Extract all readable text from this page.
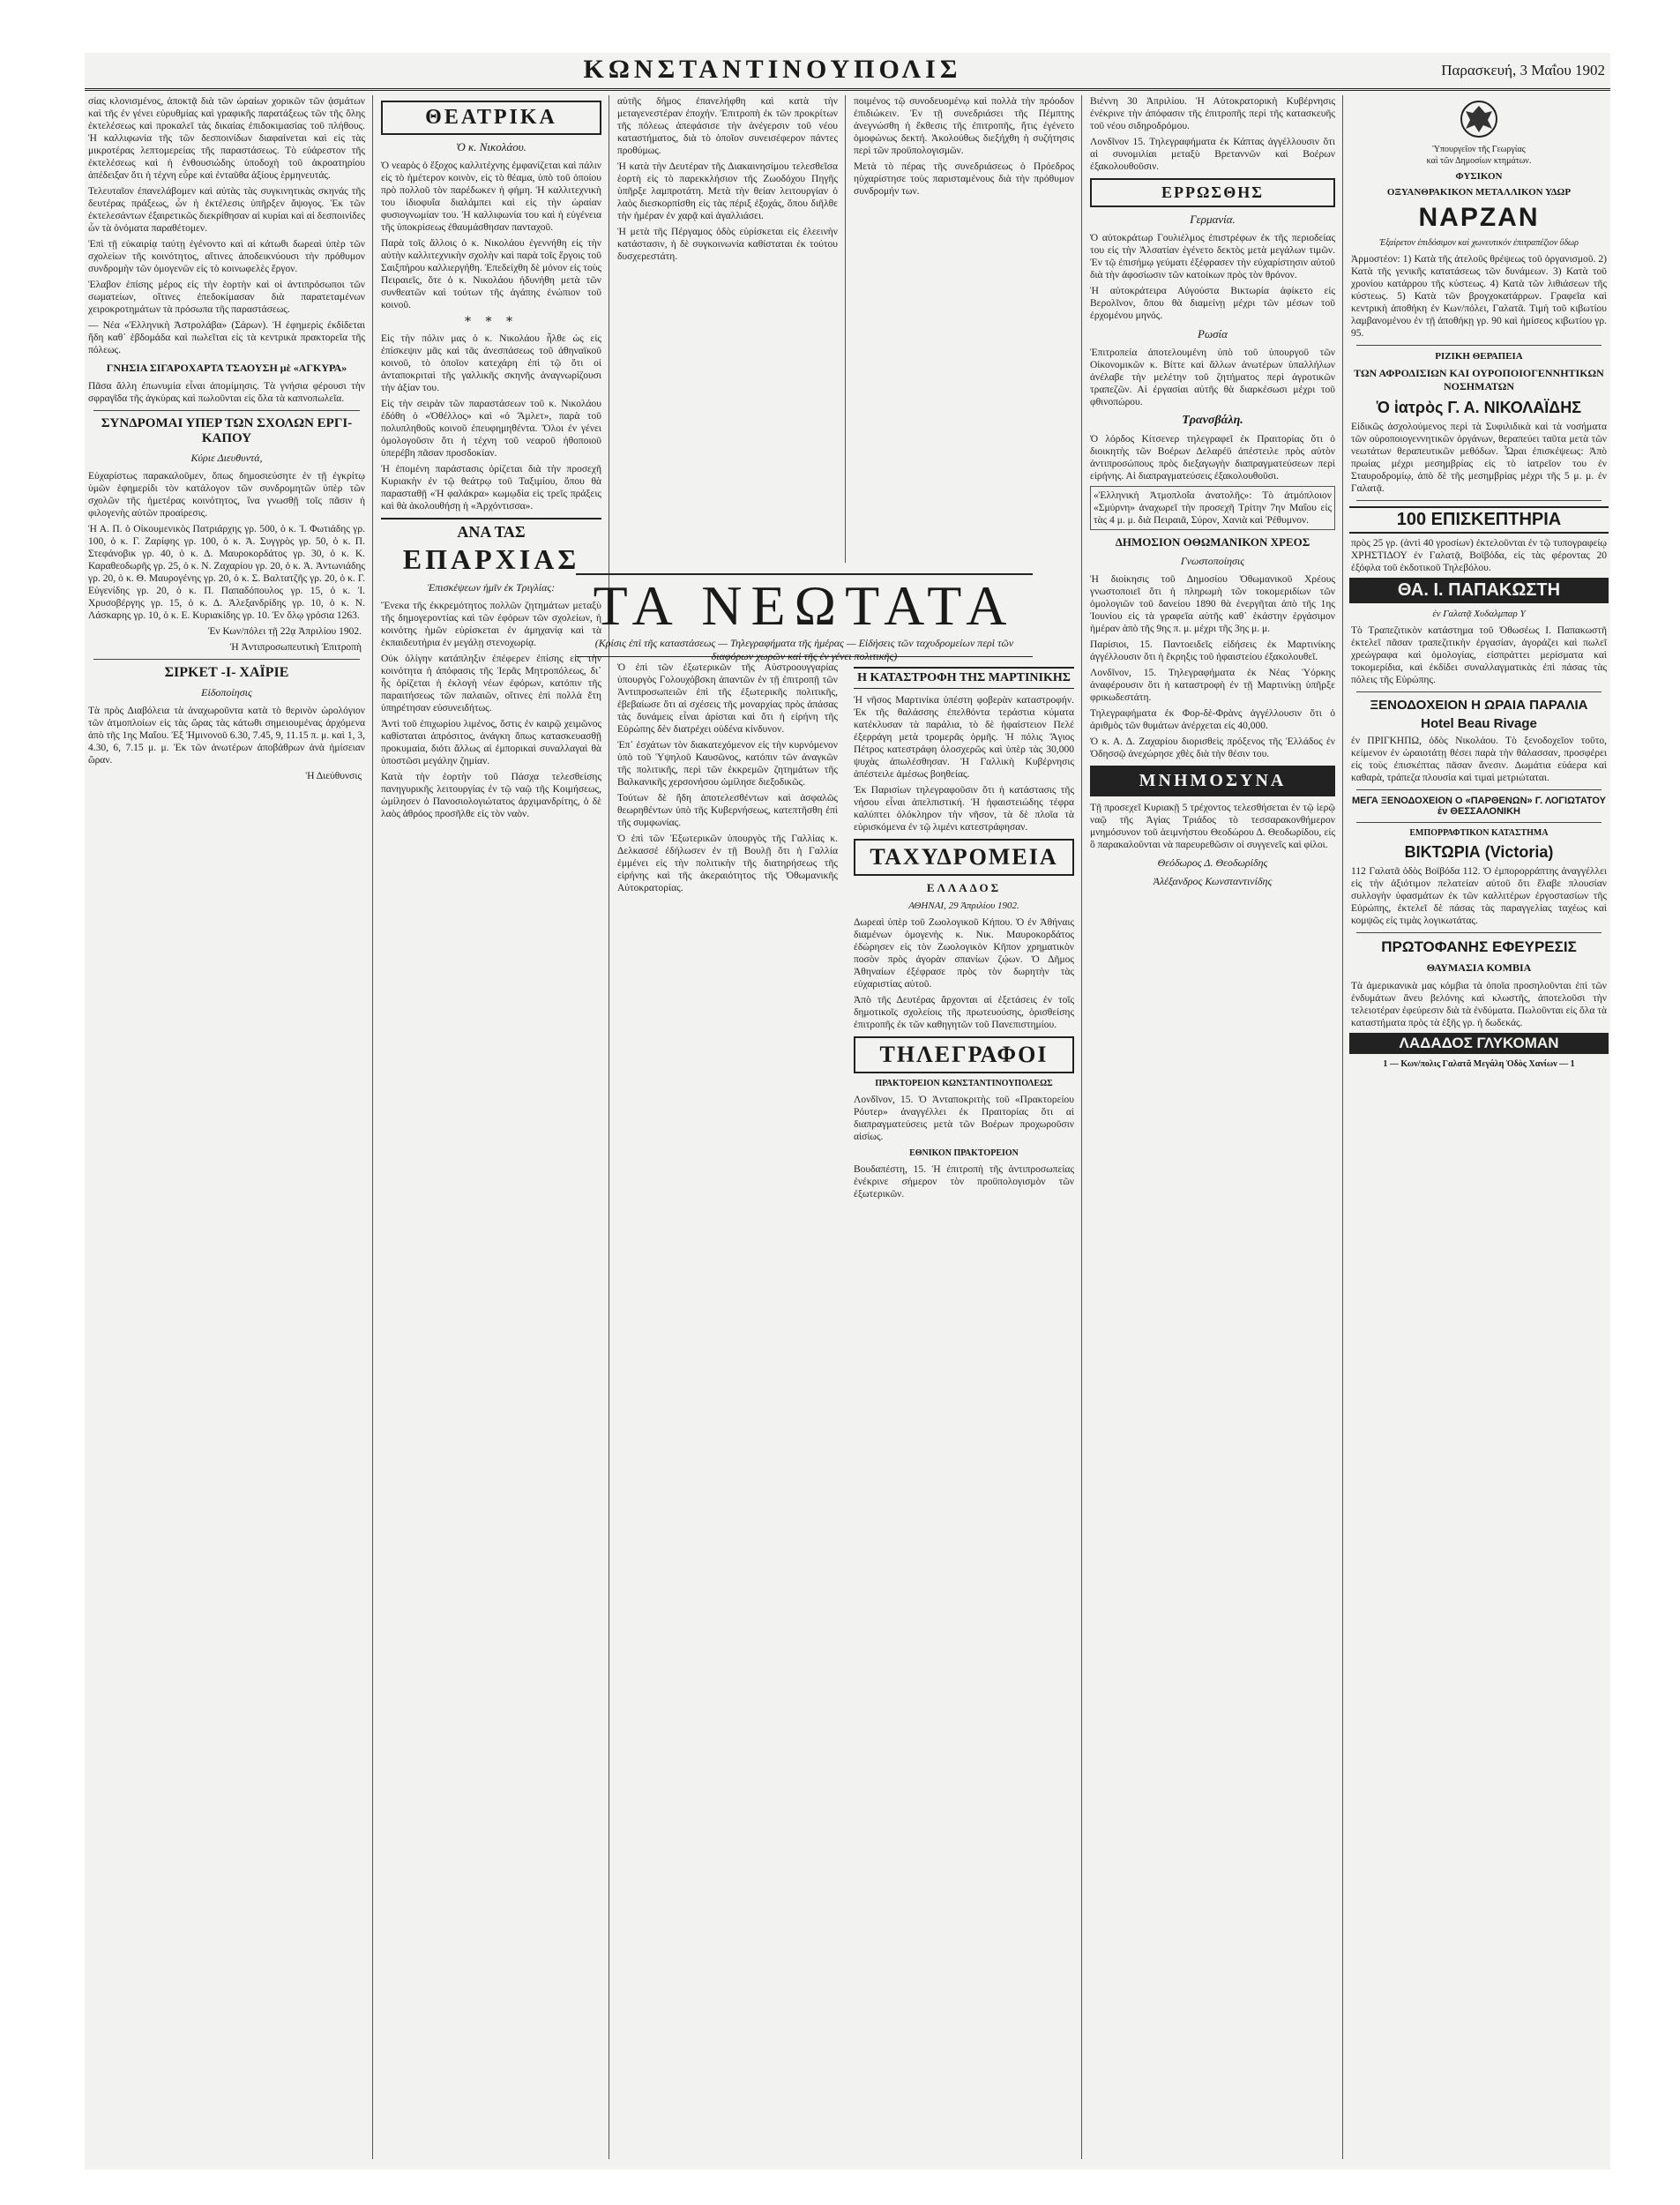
ΚΩΝΣΤΑΝΤΙΝΟΥΠΟΛΙΣ	Παρασκευή, 3 Μαΐου 1902

σίας κλονισμένος, ἀποκτᾷ διὰ τῶν ὡραίων χορικῶν τῶν ᾀσμάτων καὶ τῆς ἐν γένει εὐρυθμίας καὶ γραφικῆς παρατάξεως τῶν τῆς ὅλης ἐκτελέσεως καὶ προκαλεῖ τὰς δικαίας ἐπιδοκιμασίας τοῦ πλήθους. Ἡ καλλιφωνία τῆς τῶν δεσποινίδων διαφαίνεται καὶ εἰς τὰς μικροτέρας λεπτομερείας τῆς παραστάσεως. Τὸ εὐάρεστον τῆς ἐκτελέσεως καὶ ἡ ἐνθουσιώδης ὑποδοχὴ τοῦ ἀκροατηρίου ἀπέδειξαν ὅτι ἡ τέχνη εὗρε καὶ ἐνταῦθα ἀξίους ἑρμηνευτάς.

Τελευταῖον ἐπανελάβομεν καὶ αὐτὰς τὰς συγκινητικὰς σκηνάς τῆς δευτέρας πράξεως, ὧν ἡ ἐκτέλεσις ὑπῆρξεν ἄψογος. Ἐκ τῶν ἐκτελεσάντων ἐξαιρετικῶς διεκρίθησαν αἱ κυρίαι καὶ αἱ δεσποινίδες ὧν τὰ ὀνόματα παραθέτομεν.

Ἐπὶ τῇ εὐκαιρίᾳ ταύτῃ ἐγένοντο καὶ αἱ κάτωθι δωρεαὶ ὑπὲρ τῶν σχολείων τῆς κοινότητος, αἵτινες ἀποδεικνύουσι τὴν πρόθυμον συνδρομὴν τῶν ὁμογενῶν εἰς τὸ κοινωφελὲς ἔργον.

Ἐλαβον ἐπίσης μέρος εἰς τὴν ἑορτὴν καὶ οἱ ἀντιπρόσωποι τῶν σωματείων, οἵτινες ἐπεδοκίμασαν διὰ παρατεταμένων χειροκροτημάτων τὰ πρόσωπα τῆς παραστάσεως.

— Νέα «Ἑλληνικὴ Ἀστρολάβα» (Σάρων). Ἡ ἐφημερὶς ἐκδίδεται ἤδη καθ᾽ ἑβδομάδα καὶ πωλεῖται εἰς τὰ κεντρικὰ πρακτορεῖα τῆς πόλεως.

ΓΝΗΣΙΑ ΣΙΓΑΡΟΧΑΡΤΑ ΤΣΑΟΥΣΗ μὲ «ΑΓΚΥΡΑ»

Πᾶσα ἄλλη ἐπωνυμία εἶναι ἀπομίμησις. Τὰ γνήσια φέρουσι τὴν σφραγῖδα τῆς ἀγκύρας καὶ πωλοῦνται εἰς ὅλα τὰ καπνοπωλεῖα.

ΣΥΝΔΡΟΜΑΙ ΥΠΕΡ ΤΩΝ ΣΧΟΛΩΝ ΕΡΓΙ-ΚΑΠΟΥ
Κύριε Διευθυντά,

Εὐχαρίστως παρακαλοῦμεν, ὅπως δημοσιεύσητε ἐν τῇ ἐγκρίτῳ ὑμῶν ἐφημερίδι τὸν κατάλογον τῶν συνδρομητῶν ὑπὲρ τῶν σχολῶν τῆς ἡμετέρας κοινότητος, ἵνα γνωσθῇ τοῖς πᾶσιν ἡ φιλογενὴς αὐτῶν προαίρεσις.

Ἡ Α. Π. ὁ Οἰκουμενικὸς Πατριάρχης γρ. 500, ὁ κ. Ἰ. Φωτιάδης γρ. 100, ὁ κ. Γ. Ζαρίφης γρ. 100, ὁ κ. Ἀ. Συγγρὸς γρ. 50, ὁ κ. Π. Στεφάνοβικ γρ. 40, ὁ κ. Δ. Μαυροκορδάτος γρ. 30, ὁ κ. Κ. Καραθεοδωρῆς γρ. 25, ὁ κ. Ν. Ζαχαρίου γρ. 20, ὁ κ. Ἀ. Ἀντωνιάδης γρ. 20, ὁ κ. Θ. Μαυρογένης γρ. 20, ὁ κ. Σ. Βαλτατζῆς γρ. 20, ὁ κ. Γ. Εὐγενίδης γρ. 20, ὁ κ. Π. Παπαδόπουλος γρ. 15, ὁ κ. Ἰ. Χρυσοβέργης γρ. 15, ὁ κ. Δ. Ἀλεξανδρίδης γρ. 10, ὁ κ. Ν. Λάσκαρης γρ. 10, ὁ κ. Ε. Κυριακίδης γρ. 10. Ἐν ὅλῳ γρόσια 1263.

Ἐν Κων/πόλει τῇ 22ᾳ Ἀπριλίου 1902.
Ἡ Ἀντιπροσωπευτικὴ Ἐπιτροπὴ
ΣΙΡΚΕΤ -Ι- ΧΑΪΡΙΕ
Εἰδοποίησις

Τὰ πρὸς Διαβόλεια τὰ ἀναχωροῦντα κατὰ τὸ θερινὸν ὡρολόγιον τῶν ἀτμοπλοίων εἰς τὰς ὥρας τὰς κάτωθι σημειουμένας ἀρχόμενα ἀπὸ τῆς 1ης Μαΐου. Ἐξ Ἡμινονοῦ 6.30, 7.45, 9, 11.15 π. μ. καὶ 1, 3, 4.30, 6, 7.15 μ. μ. Ἐκ τῶν ἀνωτέρων ἀποβάθρων ἀνὰ ἡμίσειαν ὥραν.

Ἡ Διεύθυνσις
ΘΕΑΤΡΙΚΑ
Ὁ κ. Νικολάου.

Ὁ νεαρὸς ὁ ἔξοχος καλλιτέχνης ἐμφανίζεται καὶ πάλιν εἰς τὸ ἡμέτερον κοινὸν, εἰς τὸ θέαμα, ὑπὸ τοῦ ὁποίου πρὸ πολλοῦ τὸν παρέδωκεν ἡ φήμη. Ἡ καλλιτεχνικὴ του ἰδιοφυΐα διαλάμπει καὶ εἰς τὴν ὡραίαν φυσιογνωμίαν του. Ἡ καλλιφωνία του καὶ ἡ εὐγένεια τῆς ὑποκρίσεως ἐθαυμάσθησαν πανταχοῦ.

Παρὰ τοῖς ἄλλοις ὁ κ. Νικολάου ἐγεννήθη εἰς τὴν αὐτὴν καλλιτεχνικὴν σχολὴν καὶ παρὰ τοῖς ἔργοις τοῦ Σαιξπήρου καλλιεργήθη. Ἐπεδείχθη δὲ μόνον εἰς τοὺς Πειραιεῖς, ὅτε ὁ κ. Νικολάου ἠδυνήθη μετὰ τῶν συνθεατῶν καὶ τούτων τῆς ἀγάπης ἐνώπιον τοῦ κοινοῦ.

* * *

Εἰς τὴν πόλιν μας ὁ κ. Νικολάου ἦλθε ὡς εἰς ἐπίσκεψιν μᾶς καὶ τᾶς ἀνεσπάσεως τοῦ ἀθηναϊκοῦ κοινοῦ, τὸ ὁποῖον κατεχάρη ἐπὶ τῷ ὅτι οἱ ἀνταποκριταὶ τῆς γαλλικῆς σκηνῆς ἀναγνωρίζουσι τὴν ἀξίαν του.

Εἰς τὴν σειρὰν τῶν παραστάσεων τοῦ κ. Νικολάου ἐδόθη ὁ «Ὀθέλλος» καὶ «ὁ Ἄμλετ», παρὰ τοῦ πολυπληθοῦς κοινοῦ ἐπευφημηθέντα. Ὅλοι ἐν γένει ὁμολογοῦσιν ὅτι ἡ τέχνη τοῦ νεαροῦ ἠθοποιοῦ ὑπερέβη πᾶσαν προσδοκίαν.

Ἡ ἐπομένη παράστασις ὁρίζεται διὰ τὴν προσεχῆ Κυριακὴν ἐν τῷ θεάτρῳ τοῦ Ταξιμίου, ὅπου θὰ παρασταθῇ «Ἡ φαλάκρα» κωμῳδία εἰς τρεῖς πράξεις καὶ θὰ ἀκολουθήσῃ ἡ «Ἀρχόντισσα».

ΑΝΑ ΤΑΣ
ΕΠΑΡΧΙΑΣ
Ἐπισκέψεων ἡμῖν ἐκ Τριγλίας:

Ἕνεκα τῆς ἐκκρεμότητος πολλῶν ζητημάτων μεταξὺ τῆς δημογεροντίας καὶ τῶν ἐφόρων τῶν σχολείων, ἡ κοινότης ἡμῶν εὑρίσκεται ἐν ἀμηχανίᾳ καὶ τὰ ἐκπαιδευτήρια ἐν μεγάλῃ στενοχωρίᾳ.

Οὐκ ὀλίγην κατάπληξιν ἐπέφερεν ἐπίσης εἰς τὴν κοινότητα ἡ ἀπόφασις τῆς Ἱερᾶς Μητροπόλεως, δι᾽ ἧς ὁρίζεται ἡ ἐκλογὴ νέων ἐφόρων, κατόπιν τῆς παραιτήσεως τῶν παλαιῶν, οἵτινες ἐπὶ πολλὰ ἔτη ὑπηρέτησαν εὐσυνειδήτως.

Ἀντὶ τοῦ ἐπιχωρίου λιμένος, ὅστις ἐν καιρῷ χειμῶνος καθίσταται ἀπρόσιτος, ἀνάγκη ὅπως κατασκευασθῇ προκυμαία, διότι ἄλλως αἱ ἐμπορικαὶ συναλλαγαὶ θὰ ὑποστῶσι μεγάλην ζημίαν.

Κατὰ τὴν ἑορτὴν τοῦ Πάσχα τελεσθείσης πανηγυρικῆς λειτουργίας ἐν τῷ ναῷ τῆς Κοιμήσεως, ὡμίλησεν ὁ Πανοσιολογιώτατος ἀρχιμανδρίτης, ὁ δὲ λαὸς ἀθρόος προσῆλθε εἰς τὸν ναὸν.

αὐτῆς δήμος ἐπανελήφθη καὶ κατὰ τὴν μεταγενεστέραν ἐποχήν. Ἐπιτροπὴ ἐκ τῶν προκρίτων τῆς πόλεως ἀπεφάσισε τὴν ἀνέγερσιν τοῦ νέου καταστήματος, διὰ τὸ ὁποῖον συνεισέφερον πάντες προθύμως.

Ἡ κατὰ τὴν Δευτέραν τῆς Διακαινησίμου τελεσθεῖσα ἑορτὴ εἰς τὸ παρεκκλήσιον τῆς Ζωοδόχου Πηγῆς ὑπῆρξε λαμπροτάτη. Μετὰ τὴν θείαν λειτουργίαν ὁ λαὸς διεσκορπίσθη εἰς τὰς πέριξ ἐξοχάς, ὅπου διῆλθε τὴν ἡμέραν ἐν χαρᾷ καὶ ἀγαλλιάσει.

Ἡ μετὰ τῆς Πέργαμος ὁδὸς εὑρίσκεται εἰς ἐλεεινὴν κατάστασιν, ἡ δὲ συγκοινωνία καθίσταται ἐκ τούτου δυσχερεστάτη.

ποιμένος τῷ συνοδευομένῳ καὶ πολλὰ τὴν πρόοδον ἐπιδιώκειν. Ἐν τῇ συνεδριάσει τῆς Πέμπτης ἀνεγνώσθη ἡ ἔκθεσις τῆς ἐπιτροπῆς, ἥτις ἐγένετο ὁμοφώνως δεκτή. Ἀκολούθως διεξήχθη ἡ συζήτησις περὶ τῶν προϋπολογισμῶν.

Μετὰ τὸ πέρας τῆς συνεδριάσεως ὁ Πρόεδρος ηὐχαρίστησε τοὺς παρισταμένους διὰ τὴν πρόθυμον συνδρομήν των.

ΤΑ ΝΕΩΤΑΤΑ
(Κρίσις ἐπὶ τῆς καταστάσεως — Τηλεγραφήματα τῆς ἡμέρας — Εἰδήσεις τῶν ταχυδρομείων περὶ τῶν διαφόρων χωρῶν καὶ τῆς ἐν γένει πολιτικῆς)

Ὁ ἐπὶ τῶν ἐξωτερικῶν τῆς Αὐστροουγγαρίας ὑπουργὸς Γολουχόβσκη ἀπαντῶν ἐν τῇ ἐπιτροπῇ τῶν Ἀντιπροσωπειῶν ἐπὶ τῆς ἐξωτερικῆς πολιτικῆς, ἐβεβαίωσε ὅτι αἱ σχέσεις τῆς μοναρχίας πρὸς ἁπάσας τὰς δυνάμεις εἶναι ἀρίσται καὶ ὅτι ἡ εἰρήνη τῆς Εὐρώπης δὲν διατρέχει οὐδένα κίνδυνον.

Ἐπ᾽ ἐσχάτων τὸν διακατεχόμενον εἰς τὴν κυρνόμενον ὑπὸ τοῦ Ὑψηλοῦ Καυσῶνος, κατόπιν τῶν ἀναγκῶν τῆς πολιτικῆς, περὶ τῶν ἐκκρεμῶν ζητημάτων τῆς Βαλκανικῆς χερσονήσου ὡμίλησε διεξοδικῶς.

Τούτων δὲ ἤδη ἀποτελεσθέντων καὶ ἀσφαλῶς θεωρηθέντων ὑπὸ τῆς Κυβερνήσεως, κατεπτῆσθη ἐπὶ τῆς συμφωνίας.

Ὁ ἐπὶ τῶν Ἐξωτερικῶν ὑπουργὸς τῆς Γαλλίας κ. Δελκασσέ ἐδήλωσεν ἐν τῇ Βουλῇ ὅτι ἡ Γαλλία ἐμμένει εἰς τὴν πολιτικὴν τῆς διατηρήσεως τῆς εἰρήνης καὶ τῆς ἀκεραιότητος τῆς Ὀθωμανικῆς Αὐτοκρατορίας.

Η ΚΑΤΑΣΤΡΟΦΗ ΤΗΣ ΜΑΡΤΙΝΙΚΗΣ

Ἡ νῆσος Μαρτινίκα ὑπέστη φοβερὰν καταστροφήν. Ἐκ τῆς θαλάσσης ἐπελθόντα τεράστια κύματα κατέκλυσαν τὰ παράλια, τὸ δὲ ἡφαίστειον Πελέ ἐξερράγη μετὰ τρομερᾶς ὁρμῆς. Ἡ πόλις Ἅγιος Πέτρος κατεστράφη ὁλοσχερῶς καὶ ὑπὲρ τὰς 30,000 ψυχὰς ἀπωλέσθησαν. Ἡ Γαλλικὴ Κυβέρνησις ἀπέστειλε ἀμέσως βοηθείας.

Ἐκ Παρισίων τηλεγραφοῦσιν ὅτι ἡ κατάστασις τῆς νήσου εἶναι ἀπελπιστική. Ἡ ἡφαιστειώδης τέφρα καλύπτει ὁλόκληρον τὴν νῆσον, τὰ δὲ πλοῖα τὰ εὑρισκόμενα ἐν τῷ λιμένι κατεστράφησαν.

ΤΑΧΥΔΡΟΜΕΙΑ
ΕΛΛΑΔΟΣ
ΑΘΗΝΑΙ, 29 Ἀπριλίου 1902.

Δωρεαὶ ὑπὲρ τοῦ Ζωολογικοῦ Κήπου. Ὁ ἐν Ἀθήναις διαμένων ὁμογενὴς κ. Νικ. Μαυροκορδάτος ἐδώρησεν εἰς τὸν Ζωολογικὸν Κῆπον χρηματικὸν ποσὸν πρὸς ἀγορὰν σπανίων ζῴων. Ὁ Δῆμος Ἀθηναίων ἐξέφρασε πρὸς τὸν δωρητὴν τὰς εὐχαριστίας αὐτοῦ.

Ἀπὸ τῆς Δευτέρας ἄρχονται αἱ ἐξετάσεις ἐν τοῖς δημοτικοῖς σχολείοις τῆς πρωτευούσης, ὁρισθείσης ἐπιτροπῆς ἐκ τῶν καθηγητῶν τοῦ Πανεπιστημίου.

ΤΗΛΕΓΡΑΦΟΙ
ΠΡΑΚΤΟΡΕΙΟΝ ΚΩΝΣΤΑΝΤΙΝΟΥΠΟΛΕΩΣ

Λονδῖνον, 15. Ὁ Ἀνταποκριτὴς τοῦ «Πρακτορείου Ρόυτερ» ἀναγγέλλει ἐκ Πραιτορίας ὅτι αἱ διαπραγματεύσεις μετὰ τῶν Βοέρων προχωροῦσιν αἰσίως.

ΕΘΝΙΚΟΝ ΠΡΑΚΤΟΡΕΙΟΝ

Βουδαπέστη, 15. Ἡ ἐπιτροπὴ τῆς ἀντιπροσωπείας ἐνέκρινε σήμερον τὸν προϋπολογισμὸν τῶν ἐξωτερικῶν.

Βιέννη 30 Ἀπριλίου. Ἡ Αὐτοκρατορικὴ Κυβέρνησις ἐνέκρινε τὴν ἀπόφασιν τῆς ἐπιτροπῆς περὶ τῆς κατασκευῆς τοῦ νέου σιδηροδρόμου.

Λονδῖνον 15. Τηλεγραφήματα ἐκ Κάπτας ἀγγέλλουσιν ὅτι αἱ συνομιλίαι μεταξὺ Βρεταννῶν καὶ Βοέρων ἐξακολουθοῦσιν.

ΕΡΡΩΣΘΗΣ
Γερμανία.

Ὁ αὐτοκράτωρ Γουλιέλμος ἐπιστρέφων ἐκ τῆς περιοδείας του εἰς τὴν Ἀλσατίαν ἐγένετο δεκτὸς μετὰ μεγάλων τιμῶν. Ἐν τῷ ἐπισήμῳ γεύματι ἐξέφρασεν τὴν εὐχαρίστησιν αὐτοῦ διὰ τὴν ἀφοσίωσιν τῶν κατοίκων πρὸς τὸν θρόνον.

Ἡ αὐτοκράτειρα Αὐγούστα Βικτωρία ἀφίκετο εἰς Βερολῖνον, ὅπου θὰ διαμείνῃ μέχρι τῶν μέσων τοῦ ἐρχομένου μηνός.

Ρωσία

Ἐπιτροπεία ἀποτελουμένη ὑπὸ τοῦ ὑπουργοῦ τῶν Οἰκονομικῶν κ. Βίττε καὶ ἄλλων ἀνωτέρων ὑπαλλήλων ἀνέλαβε τὴν μελέτην τοῦ ζητήματος περὶ ἀγροτικῶν τραπεζῶν. Αἱ ἐργασίαι αὐτῆς θὰ διαρκέσωσι μέχρι τοῦ φθινοπώρου.

Τρανσβάλη.

Ὁ λόρδος Κίτσενερ τηλεγραφεῖ ἐκ Πραιτορίας ὅτι ὁ διοικητὴς τῶν Βοέρων Δελαρέϋ ἀπέστειλε πρὸς αὐτὸν ἀντιπροσώπους πρὸς διεξαγωγὴν διαπραγματεύσεων περὶ εἰρήνης. Αἱ διαπραγματεύσεις ἐξακολουθοῦσι.

«Ἐλληνικὴ Ἀτμοπλοΐα ἀνατολῆς»: Τὸ ἀτμόπλοιον «Σμύρνη» ἀναχωρεῖ τὴν προσεχῆ Τρίτην 7ην Μαΐου εἰς τὰς 4 μ. μ. διὰ Πειραιᾶ, Σύρον, Χανιὰ καὶ Ῥέθυμνον.

ΔΗΜΟΣΙΟΝ ΟΘΩΜΑΝΙΚΟΝ ΧΡΕΟΣ
Γνωστοποίησις

Ἡ διοίκησις τοῦ Δημοσίου Ὀθωμανικοῦ Χρέους γνωστοποιεῖ ὅτι ἡ πληρωμὴ τῶν τοκομεριδίων τῶν ὁμολογιῶν τοῦ δανείου 1890 θὰ ἐνεργῆται ἀπὸ τῆς 1ης Ἰουνίου εἰς τὰ γραφεῖα αὐτῆς καθ᾽ ἑκάστην ἐργάσιμον ἡμέραν ἀπὸ τῆς 9ης π. μ. μέχρι τῆς 3ης μ. μ.

Παρίσιοι, 15. Παντοειδεῖς εἰδήσεις ἐκ Μαρτινίκης ἀγγέλλουσιν ὅτι ἡ ἔκρηξις τοῦ ἡφαιστείου ἐξακολουθεῖ.

Λονδῖνον, 15. Τηλεγραφήματα ἐκ Νέας Ὑόρκης ἀναφέρουσιν ὅτι ἡ καταστροφὴ ἐν τῇ Μαρτινίκῃ ὑπῆρξε φρικωδεστάτη.

Τηλεγραφήματα ἐκ Φορ-δὲ-Φρὰνς ἀγγέλλουσιν ὅτι ὁ ἀριθμὸς τῶν θυμάτων ἀνέρχεται εἰς 40,000.

Ὁ κ. Α. Δ. Ζαχαρίου διορισθεὶς πρόξενος τῆς Ἑλλάδος ἐν Ὀδησσῷ ἀνεχώρησε χθὲς διὰ τὴν θέσιν του.

ΜΝΗΜΟΣΥΝΑ

Τῇ προσεχεῖ Κυριακῇ 5 τρέχοντος τελεσθήσεται ἐν τῷ ἱερῷ ναῷ τῆς Ἁγίας Τριάδος τὸ τεσσαρακονθήμερον μνημόσυνον τοῦ ἀειμνήστου Θεοδώρου Δ. Θεοδωρίδου, εἰς ὃ παρακαλοῦνται νὰ παρευρεθῶσιν οἱ συγγενεῖς καὶ φίλοι.

Θεόδωρος Δ. Θεοδωρίδης
Ἀλέξανδρος Κωνσταντινίδης
Ὑπουργεῖον τῆς Γεωργίας
καὶ τῶν Δημοσίων κτημάτων.
ΦΥΣΙΚΟΝ
ΟΞΥΑΝΘΡΑΚΙΚΟΝ ΜΕΤΑΛΛΙΚΟΝ ΥΔΩΡ
ΝΑΡΖΑΝ
Ἐξαίρετον ἐπιδόσιμον καὶ χωνευτικόν ἐπιτραπέζιον ὕδωρ

Ἀρμοστέον: 1) Κατὰ τῆς ἀτελοῦς θρέψεως τοῦ ὀργανισμοῦ. 2) Κατὰ τῆς γενικῆς κατατάσεως τῶν δυνάμεων. 3) Κατὰ τοῦ χρονίου κατάρρου τῆς κύστεως. 4) Κατὰ τῶν λιθιάσεων τῆς κύστεως. 5) Κατὰ τῶν βρογχοκατάρρων. Γραφεῖα καὶ κεντρικὴ ἀποθήκη ἐν Κων/πόλει, Γαλατᾶ. Τιμὴ τοῦ κιβωτίου λαμβανομένου ἐν τῇ ἀποθήκῃ γρ. 90 καὶ ἡμίσεος κιβωτίου γρ. 95.

ΡΙΖΙΚΗ ΘΕΡΑΠΕΙΑ
ΤΩΝ ΑΦΡΟΔΙΣΙΩΝ ΚΑΙ ΟΥΡΟΠΟΙΟΓΕΝΝΗΤΙΚΩΝ ΝΟΣΗΜΑΤΩΝ
Ὁ ἰατρὸς Γ. Α. ΝΙΚΟΛΑΪΔΗΣ

Εἰδικῶς ἀσχολούμενος περὶ τὰ Συφιλιδικὰ καὶ τὰ νοσήματα τῶν οὐροποιογεννητικῶν ὀργάνων, θεραπεύει ταῦτα μετὰ τῶν νεωτάτων θεραπευτικῶν μεθόδων. Ὧραι ἐπισκέψεως: Ἀπὸ πρωίας μέχρι μεσημβρίας εἰς τὸ ἰατρεῖον του ἐν Σταυροδρομίῳ, ἀπὸ δὲ τῆς μεσημβρίας μέχρι τῆς 5 μ. μ. ἐν Γαλατᾷ.

100 ΕΠΙΣΚΕΠΤΗΡΙΑ

πρὸς 25 γρ. (ἀντὶ 40 γροσίων) ἐκτελοῦνται ἐν τῷ τυπογραφείῳ ΧΡΗΣΤΙΔΟΥ ἐν Γαλατᾷ, Βοϊβόδα, εἰς τὰς φέροντας 20 ἐξόφλα τοῦ ἐκδοτικοῦ Τηλεβόλου.

ΘΑ. Ι. ΠΑΠΑΚΩΣΤΗ
ἐν Γαλατᾷ Χυδαλμπαρ Υ

Τὸ Τραπεζιτικὸν κατάστημα τοῦ Ὀθωσέως Ι. Παπακωστῆ ἐκτελεῖ πᾶσαν τραπεζιτικὴν ἐργασίαν, ἀγοράζει καὶ πωλεῖ χρεώγραφα καὶ ὁμολογίας, εἰσπράττει μερίσματα καὶ τοκομερίδια, καὶ ἐκδίδει συναλλαγματικὰς ἐπὶ πάσας τὰς πόλεις τῆς Εὐρώπης.

ΞΕΝΟΔΟΧΕΙΟΝ Η ΩΡΑΙΑ ΠΑΡΑΛΙΑ
Hotel Beau Rivage

ἐν ΠΡΙΓΚΗΠΩ, ὁδὸς Νικολάου. Τὸ ξενοδοχεῖον τοῦτο, κείμενον ἐν ὡραιοτάτῃ θέσει παρὰ τὴν θάλασσαν, προσφέρει εἰς τοὺς ἐπισκέπτας πᾶσαν ἄνεσιν. Δωμάτια εὐάερα καὶ καθαρὰ, τράπεζα πλουσία καὶ τιμαὶ μετριώταται.

ΜΕΓΑ ΞΕΝΟΔΟΧΕΙΟΝ Ο «ΠΑΡΘΕΝΩΝ» Γ. ΛΟΓΙΩΤΑΤΟΥ ἐν ΘΕΣΣΑΛΟΝΙΚΗ
ΕΜΠΟΡΡΑΦΤΙΚΟΝ ΚΑΤΑΣΤΗΜΑ
ΒΙΚΤΩΡΙΑ (Victoria)

112 Γαλατᾶ ὁδὸς Βοϊβόδα 112. Ὁ ἐμπορορράπτης ἀναγγέλλει εἰς τὴν ἀξιότιμον πελατείαν αὐτοῦ ὅτι ἔλαβε πλουσίαν συλλογὴν ὑφασμάτων ἐκ τῶν καλλιτέρων ἐργοστασίων τῆς Εὐρώπης, ἐκτελεῖ δὲ πάσας τὰς παραγγελίας ταχέως καὶ κομψῶς εἰς τιμὰς λογικωτάτας.

ΠΡΩΤΟΦΑΝΗΣ ΕΦΕΥΡΕΣΙΣ
ΘΑΥΜΑΣΙΑ ΚΟΜΒΙΑ

Τὰ ἀμερικανικὰ μας κόμβια τὰ ὁποῖα προσηλοῦνται ἐπὶ τῶν ἐνδυμάτων ἄνευ βελόνης καὶ κλωστῆς, ἀποτελοῦσι τὴν τελειοτέραν ἐφεύρεσιν διὰ τὰ ἐνδύματα. Πωλοῦνται εἰς ὅλα τὰ καταστήματα πρὸς τὰ ἑξῆς γρ. ἡ δωδεκάς.

ΛΑΔΑΔΟΣ ΓΛΥΚΟΜΑΝ
1 — Κων/πολις Γαλατᾶ Μεγάλη Ὁδὸς Χανίων — 1
